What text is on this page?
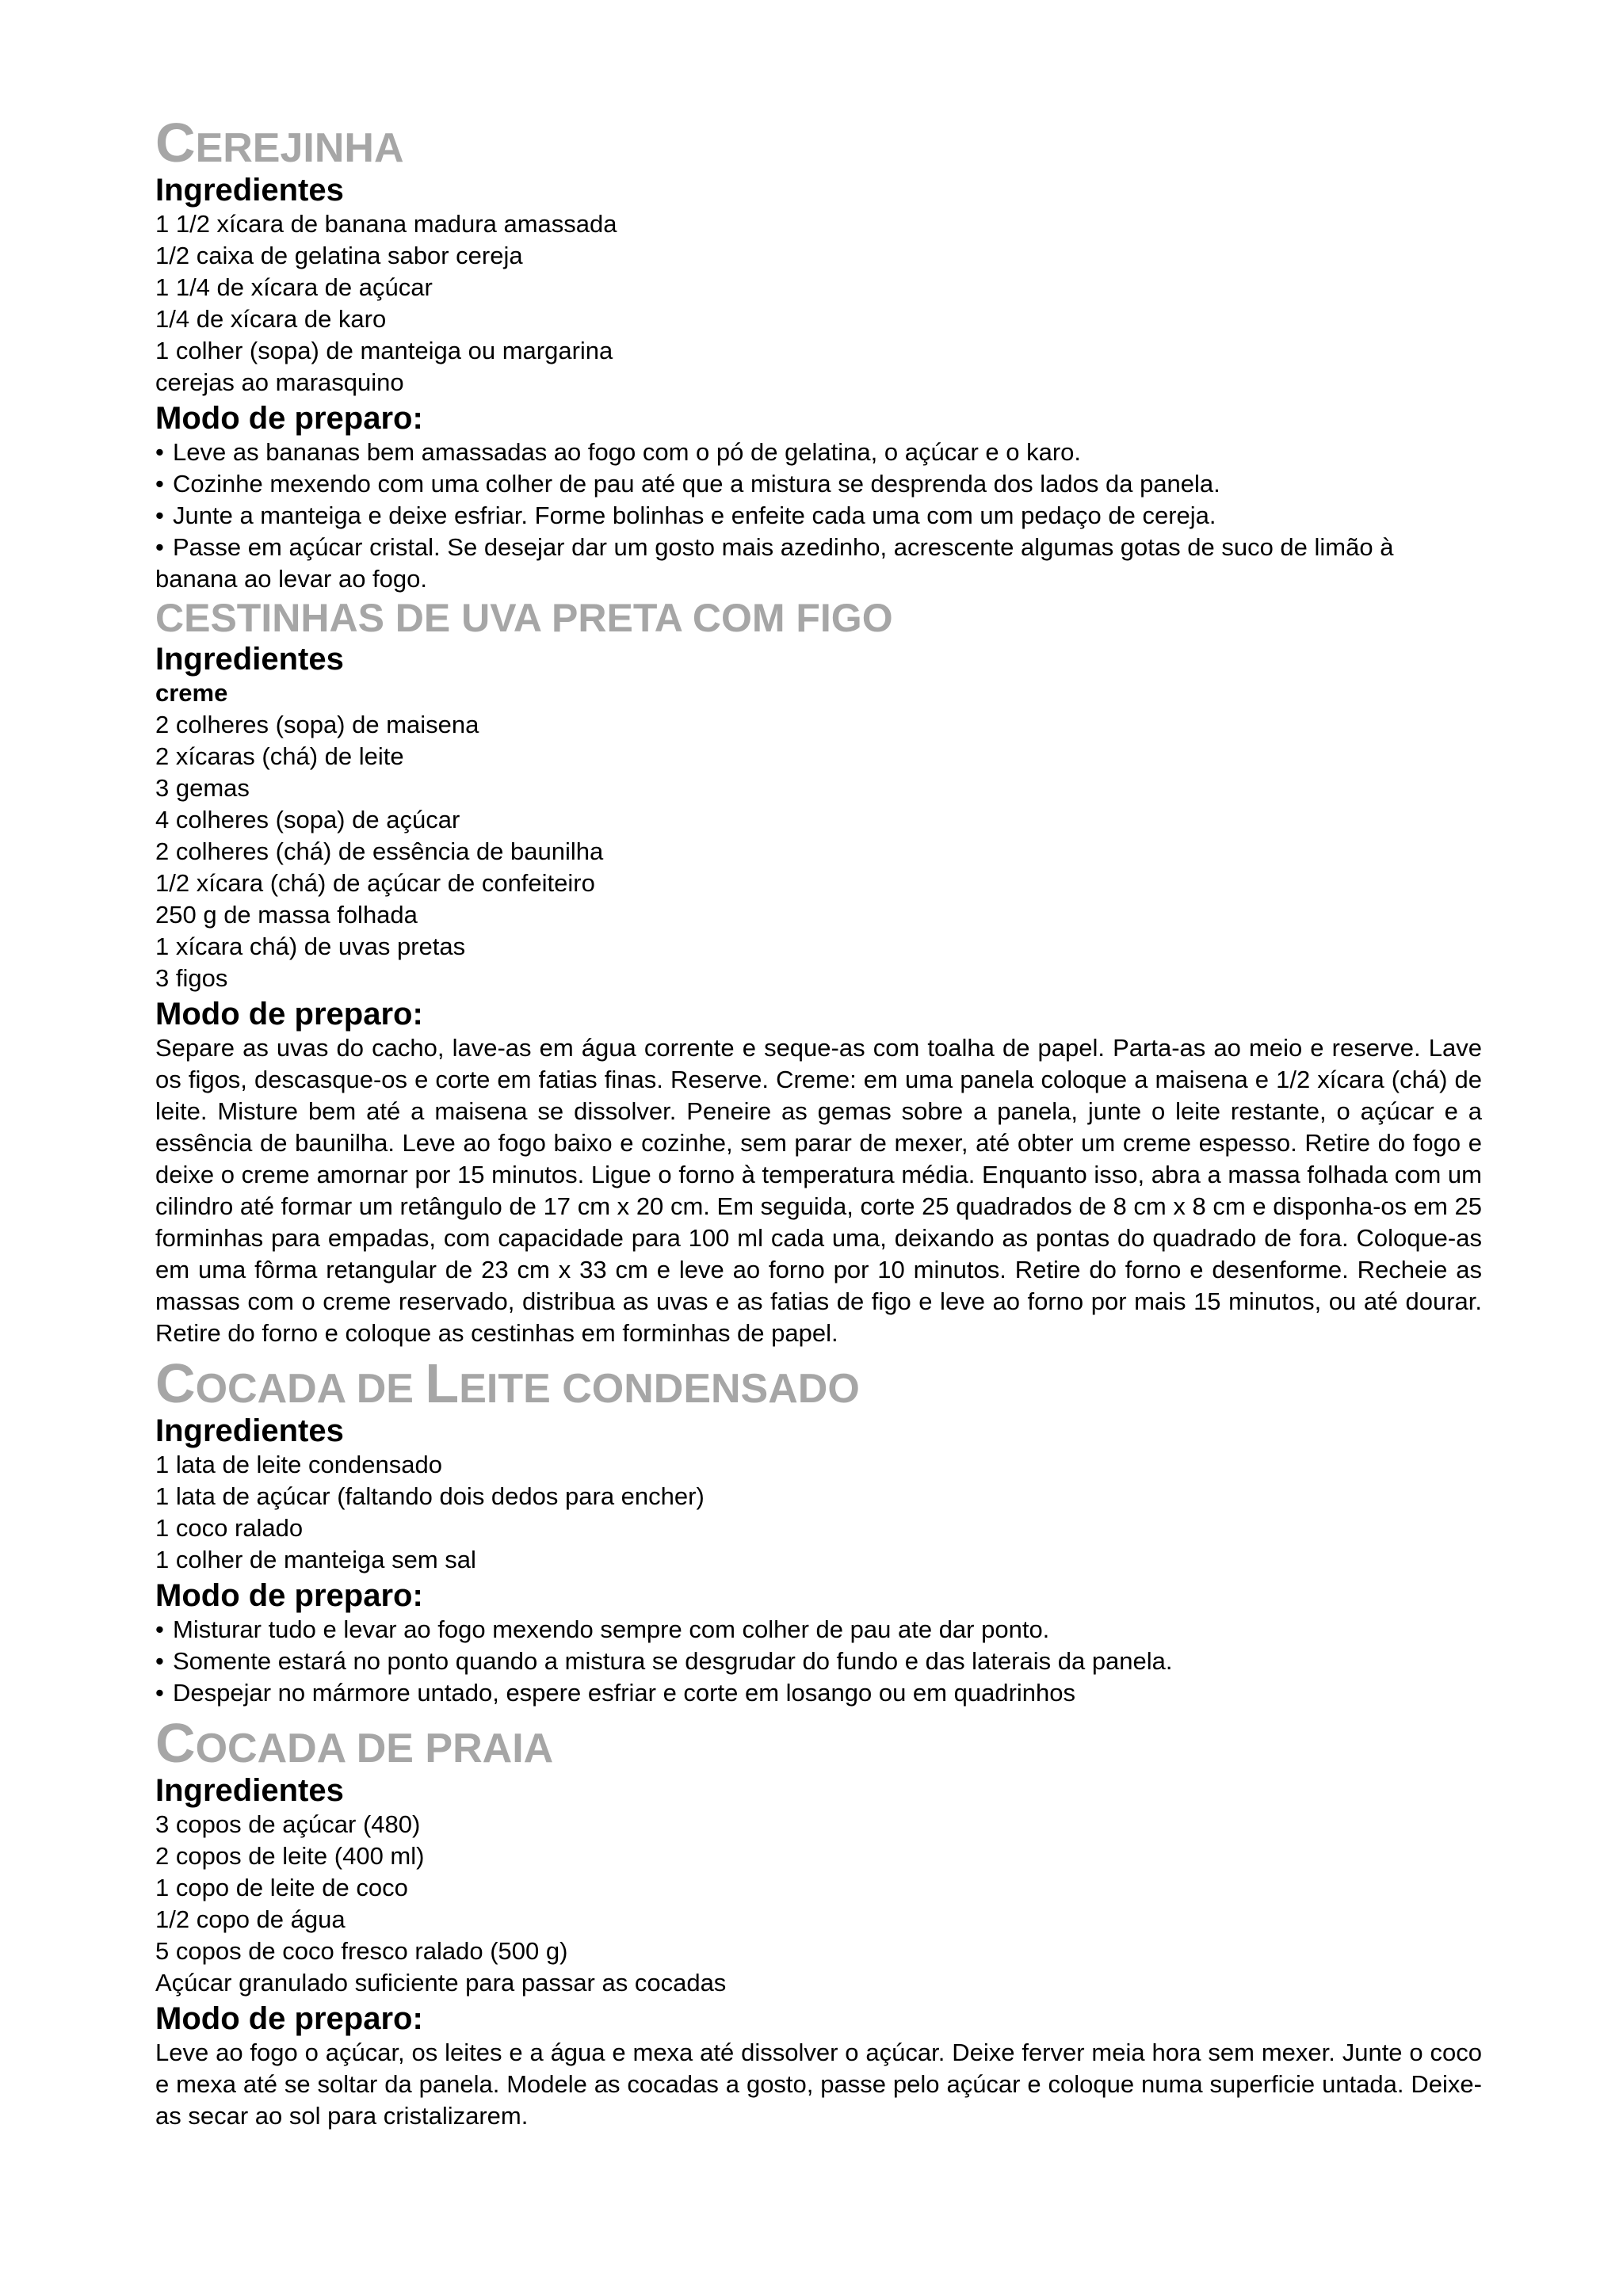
CEREJINHA
Ingredientes

1 1/2 xícara de banana madura amassada

1/2 caixa de gelatina sabor cereja

1 1/4 de xícara de açúcar

1/4 de xícara de karo

1 colher (sopa) de manteiga ou margarina

cerejas ao marasquino

Modo de preparo:

• Leve as bananas bem amassadas ao fogo com o pó de gelatina, o açúcar e o karo.

• Cozinhe mexendo com uma colher de pau até que a mistura se desprenda dos lados da panela.

• Junte a manteiga e deixe esfriar. Forme bolinhas e enfeite cada uma com um pedaço de cereja.

• Passe em açúcar cristal. Se desejar dar um gosto mais azedinho, acrescente algumas gotas de suco de limão à banana ao levar ao fogo.

CESTINHAS DE UVA PRETA COM FIGO
Ingredientes

creme

2 colheres (sopa) de maisena

2 xícaras (chá) de leite

3 gemas

4 colheres (sopa) de açúcar

2 colheres (chá) de essência de baunilha

1/2 xícara (chá) de açúcar de confeiteiro

250 g de massa folhada

1 xícara chá) de uvas pretas

3 figos

Modo de preparo:

Separe as uvas do cacho, lave-as em água corrente e seque-as com toalha de papel. Parta-as ao meio e reserve. Lave os figos, descasque-os e corte em fatias finas. Reserve. Creme: em uma panela coloque a maisena e 1/2 xícara (chá) de leite. Misture bem até a maisena se dissolver. Peneire as gemas sobre a panela, junte o leite restante, o açúcar e a essência de baunilha. Leve ao fogo baixo e cozinhe, sem parar de mexer, até obter um creme espesso. Retire do fogo e deixe o creme amornar por 15 minutos. Ligue o forno à temperatura média. Enquanto isso, abra a massa folhada com um cilindro até formar um retângulo de 17 cm x 20 cm. Em seguida, corte 25 quadrados de 8 cm x 8 cm e disponha-os em 25 forminhas para empadas, com capacidade para 100 ml cada uma, deixando as pontas do quadrado de fora. Coloque-as em uma fôrma retangular de 23 cm x 33 cm e leve ao forno por 10 minutos. Retire do forno e desenforme. Recheie as massas com o creme reservado, distribua as uvas e as fatias de figo e leve ao forno por mais 15 minutos, ou até dourar. Retire do forno e coloque as cestinhas em forminhas de papel.

COCADA DE LEITE CONDENSADO
Ingredientes

1 lata de leite condensado

1 lata de açúcar (faltando dois dedos para encher)

1 coco ralado

1 colher de manteiga sem sal

Modo de preparo:

• Misturar tudo e levar ao fogo mexendo sempre com colher de pau ate dar ponto.

• Somente estará no ponto quando a mistura se desgrudar do fundo e das laterais da panela.

• Despejar no mármore untado, espere esfriar e corte em losango ou em quadrinhos

COCADA DE PRAIA
Ingredientes

3 copos de açúcar (480)

2 copos de leite (400 ml)

1 copo de leite de coco

1/2 copo de água

5 copos de coco fresco ralado (500 g)

Açúcar granulado suficiente para passar as cocadas

Modo de preparo:

Leve ao fogo o açúcar, os leites e a água e mexa até dissolver o açúcar. Deixe ferver meia hora sem mexer. Junte o coco e mexa até se soltar da panela. Modele as cocadas a gosto, passe pelo açúcar e coloque numa superficie untada. Deixe-as secar ao sol para cristalizarem.
